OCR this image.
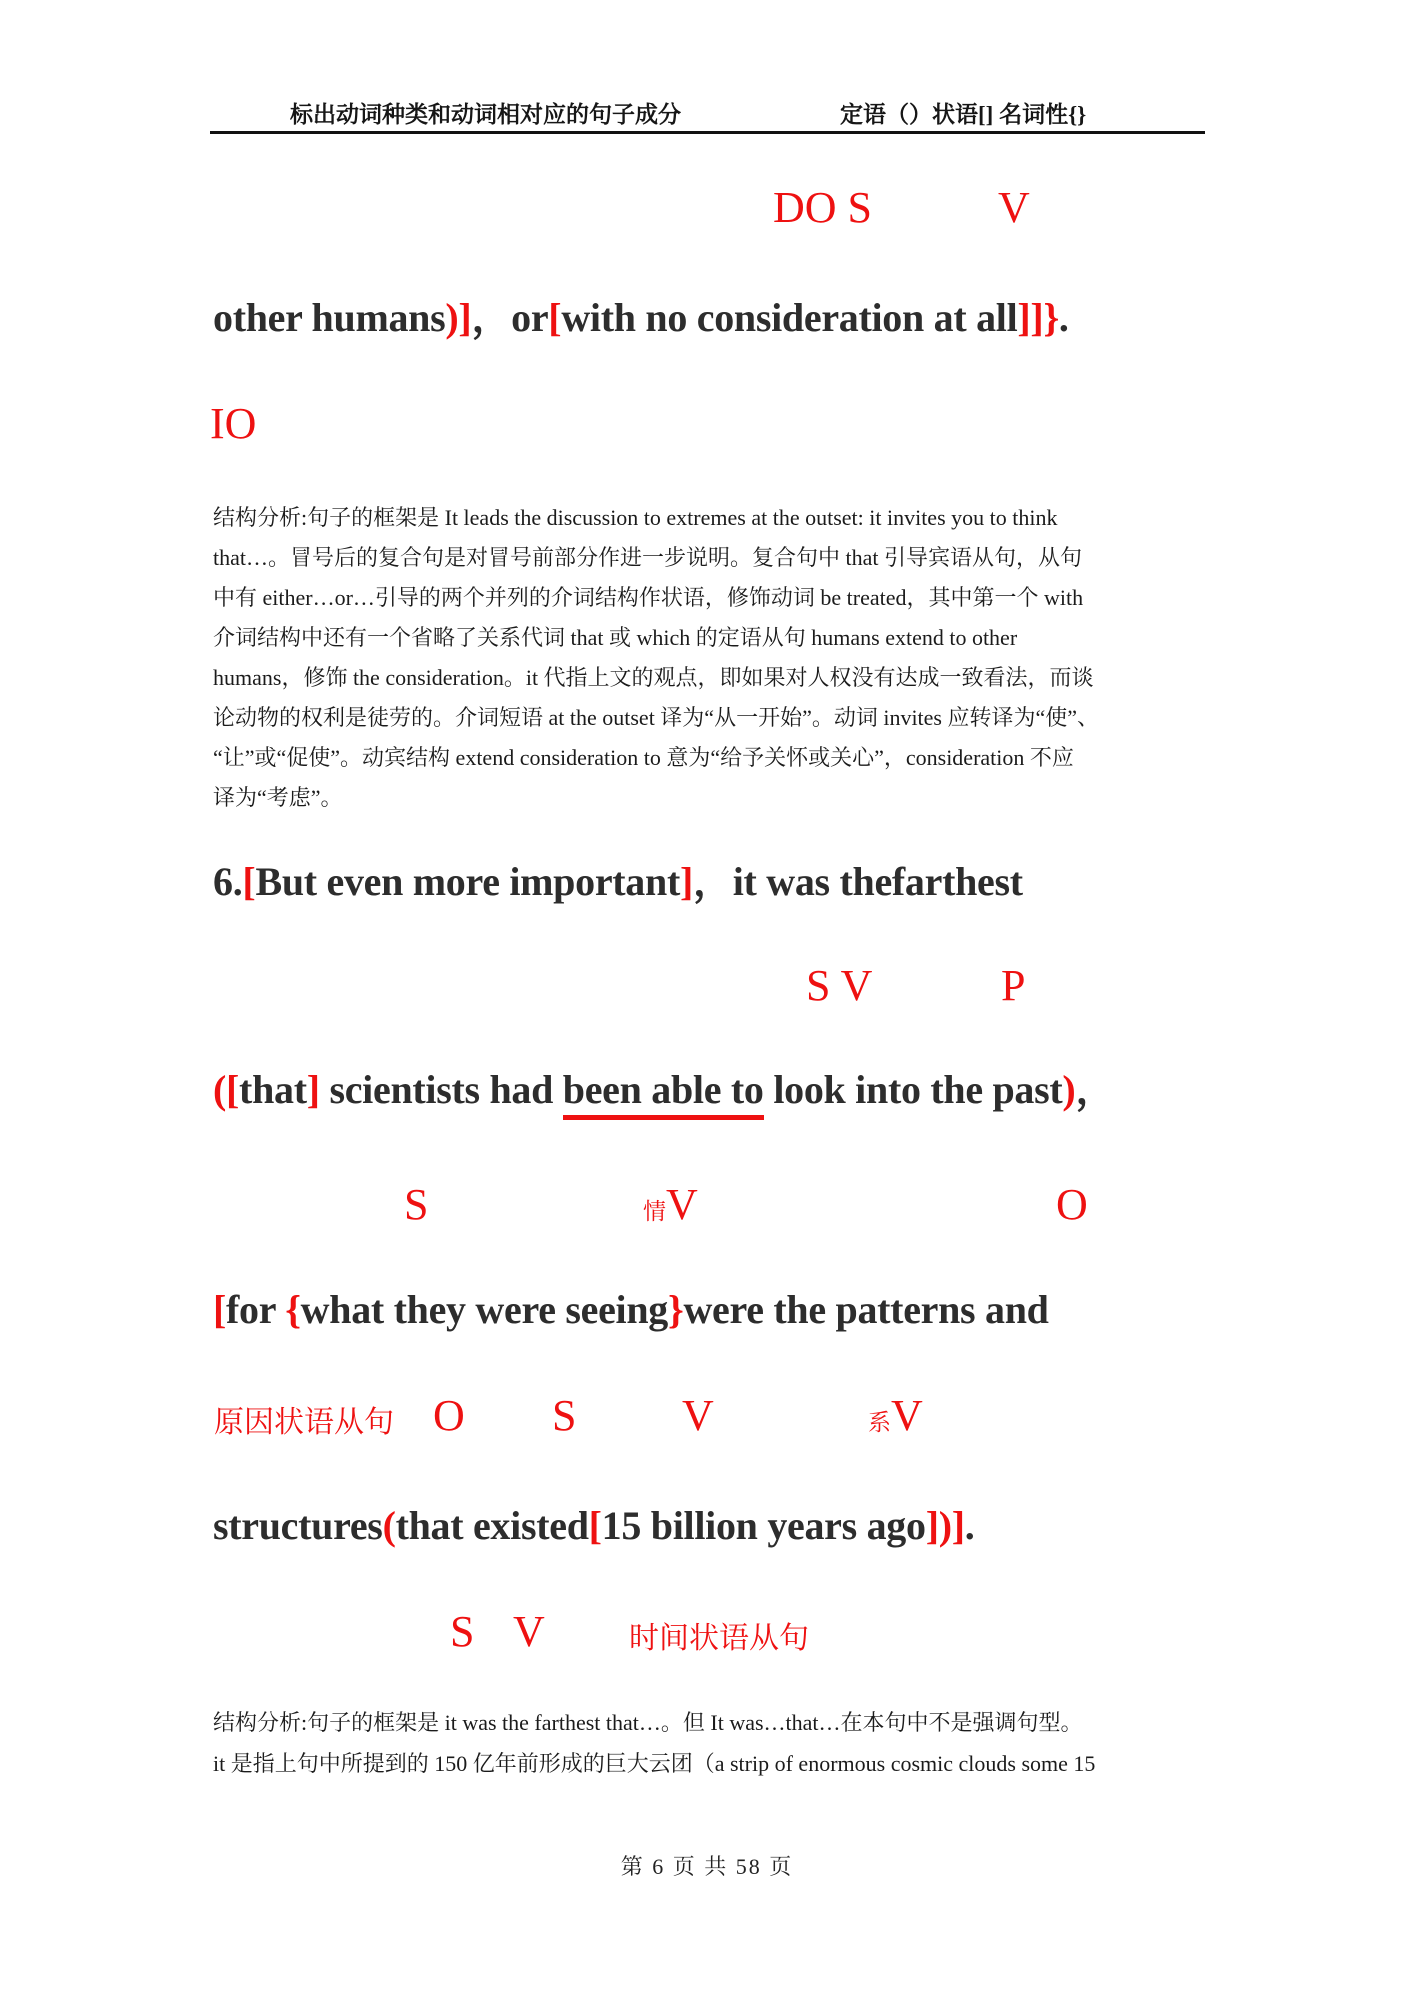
标出动词种类和动词相对应的句子成分	定语（）状语[] 名词性{}
DO S	V
other humans)]，or[with no consideration at all]]}.
IO
结构分析:句子的框架是 It leads the discussion to extremes at the outset: it invites you to think
that…。冒号后的复合句是对冒号前部分作进一步说明。复合句中 that 引导宾语从句，从句
中有 either…or…引导的两个并列的介词结构作状语，修饰动词 be treated，其中第一个 with
介词结构中还有一个省略了关系代词 that 或 which 的定语从句 humans extend to other
humans，修饰 the consideration。it 代指上文的观点，即如果对人权没有达成一致看法，而谈
论动物的权利是徒劳的。介词短语 at the outset 译为“从一开始”。动词 invites 应转译为“使”、
“让”或“促使”。动宾结构 extend consideration to 意为“给予关怀或关心”，consideration 不应
译为“考虑”。
6.[But even more important]，it was thefarthest
S V	P
([that] scientists had been able to look into the past)，
S	情V	O
[for {what they were seeing}were the patterns and
原因状语从句 O S V	系V
structures(that existed[15 billion years ago])].
S V	时间状语从句
结构分析:句子的框架是 it was the farthest that…。但 It was…that…在本句中不是强调句型。
it 是指上句中所提到的 150 亿年前形成的巨大云团（a strip of enormous cosmic clouds some 15
第 6 页 共 58 页
